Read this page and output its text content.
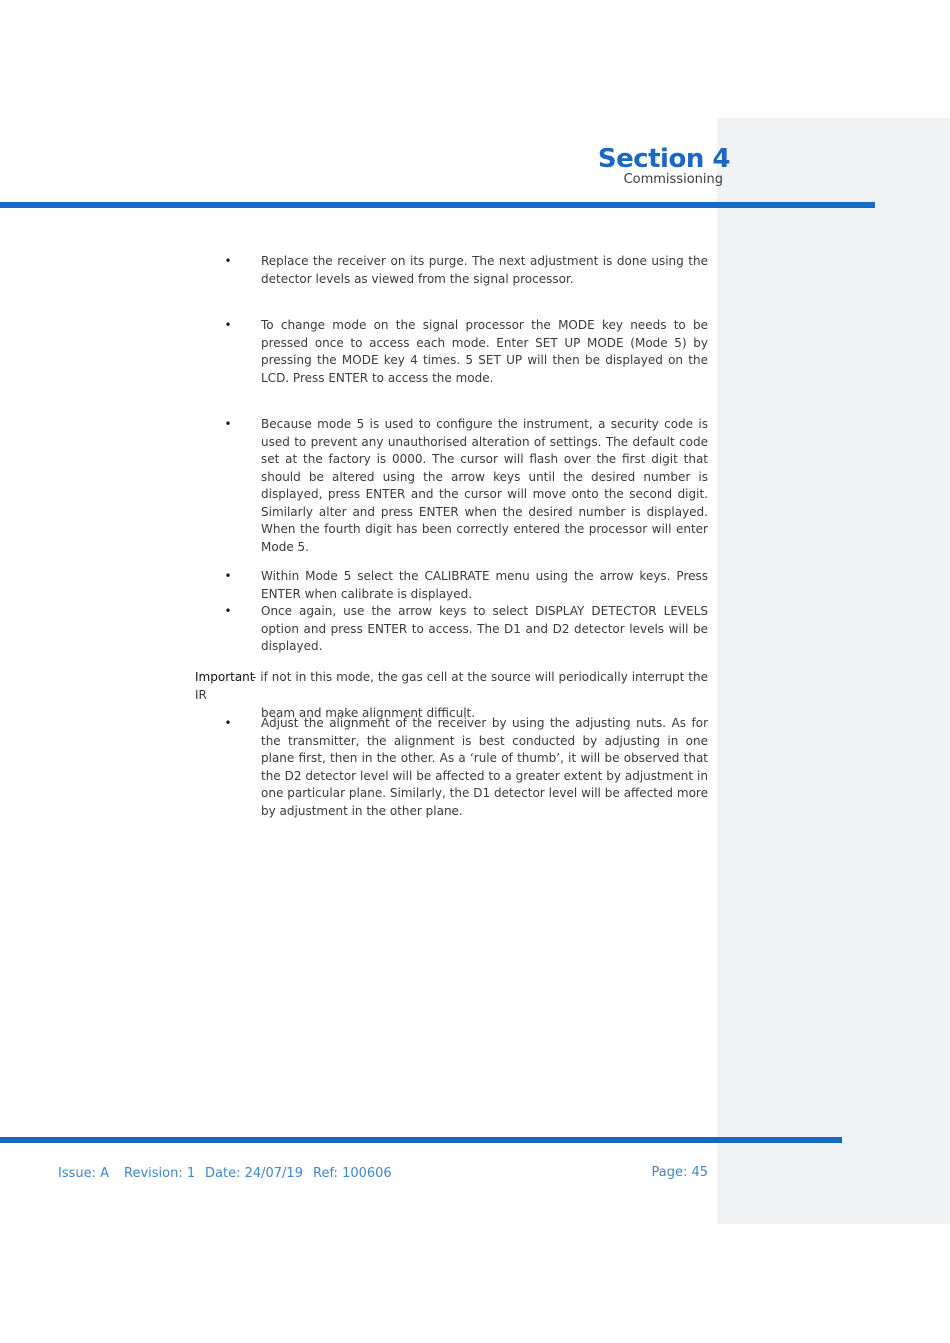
Section 4
Commissioning
• Replace the receiver on its purge. The next adjustment is done using the detector levels as viewed from the signal processor.
• To change mode on the signal processor the MODE key needs to be pressed once to access each mode. Enter SET UP MODE (Mode 5) by pressing the MODE key 4 times. 5 SET UP will then be displayed on the LCD. Press ENTER to access the mode.
• Because mode 5 is used to configure the instrument, a security code is used to prevent any unauthorised alteration of settings. The default code set at the factory is 0000. The cursor will flash over the first digit that should be altered using the arrow keys until the desired number is displayed, press ENTER and the cursor will move onto the second digit. Similarly alter and press ENTER when the desired number is displayed. When the fourth digit has been correctly entered the processor will enter Mode 5.
• Within Mode 5 select the CALIBRATE menu using the arrow keys. Press ENTER when calibrate is displayed.
• Once again, use the arrow keys to select DISPLAY DETECTOR LEVELS option and press ENTER to access. The D1 and D2 detector levels will be displayed.
Important
- if not in this mode, the gas cell at the source will periodically interrupt the IR
beam and make alignment difficult.
• Adjust the alignment of the receiver by using the adjusting nuts. As for the transmitter, the alignment is best conducted by adjusting in one plane first, then in the other. As a ‘rule of thumb’, it will be observed that the D2 detector level will be affected to a greater extent by adjustment in one particular plane. Similarly, the D1 detector level will be affected more by adjustment in the other plane.
Issue: A Revision: 1 Date: 24/07/19 Ref: 100606	Page: 45
